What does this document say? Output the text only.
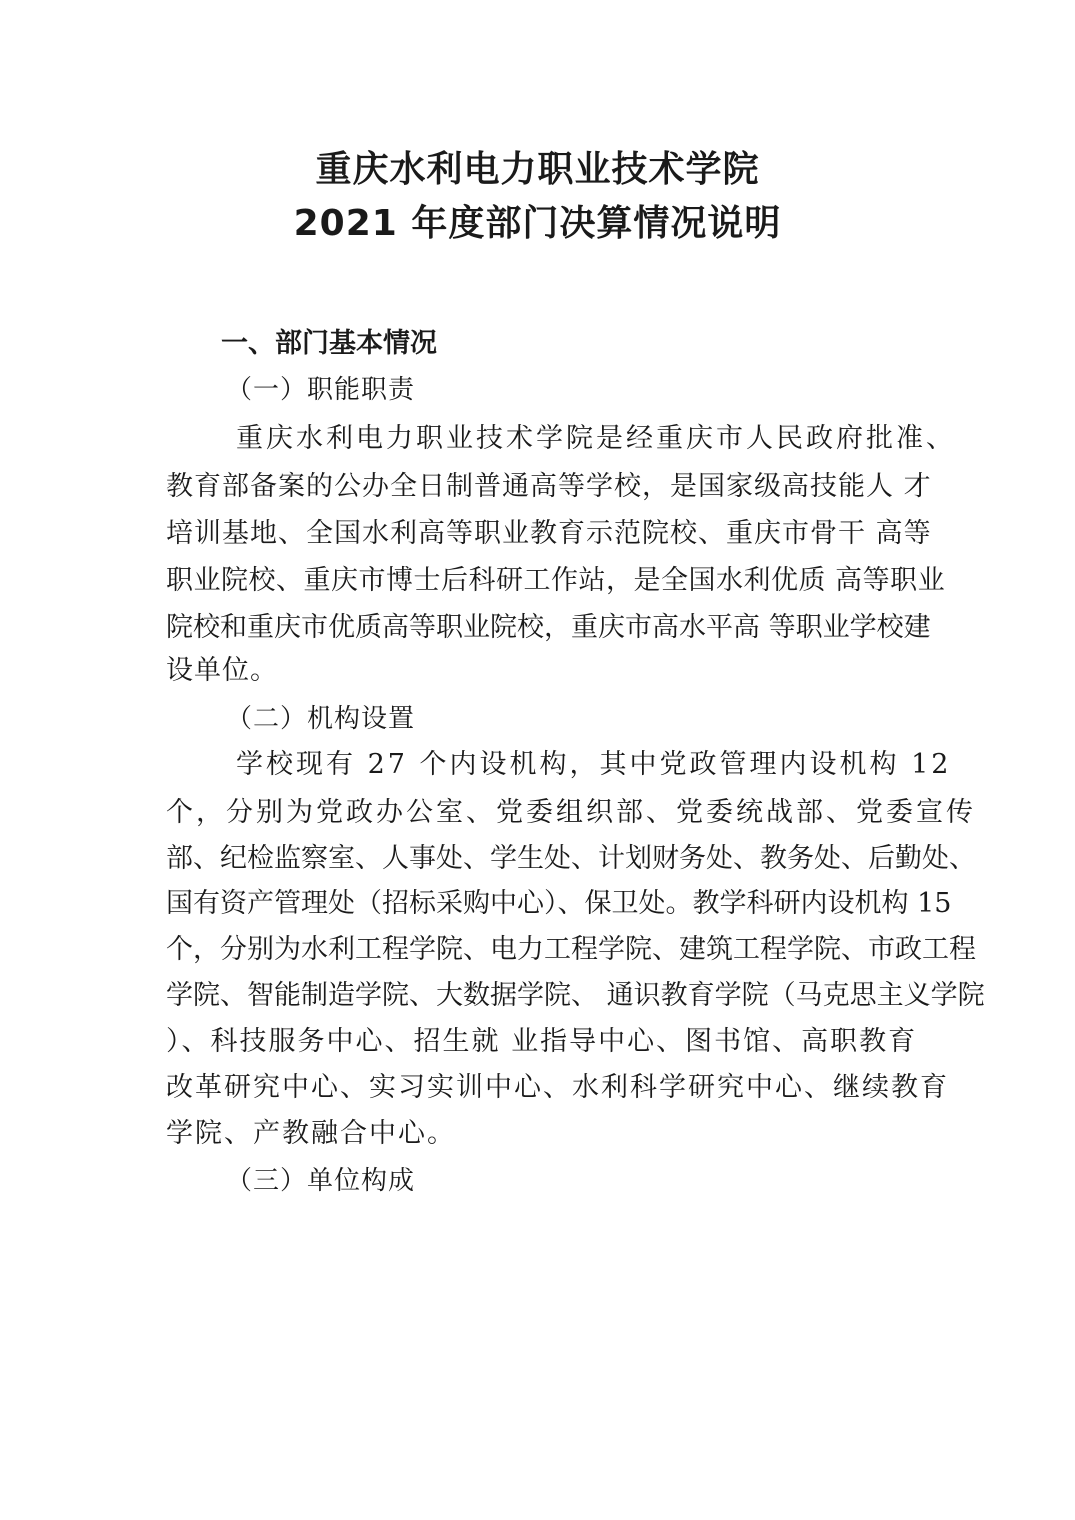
重庆水利电力职业技术学院
2021 年度部门决算情况说明
一、部门基本情况
（一）职能职责
重庆水利电力职业技术学院是经重庆市人民政府批准、
教育部备案的公办全日制普通高等学校，是国家级高技能人 才
培训基地、全国水利高等职业教育示范院校、重庆市骨干 高等
职业院校、重庆市博士后科研工作站，是全国水利优质 高等职业
院校和重庆市优质高等职业院校，重庆市高水平高 等职业学校建
设单位。
（二）机构设置
学校现有 27 个内设机构，其中党政管理内设机构 12
个，分别为党政办公室、党委组织部、党委统战部、党委宣传
部、纪检监察室、人事处、学生处、计划财务处、教务处、后勤处、
国有资产管理处（招标采购中心）、保卫处。教学科研内设机构 15
个，分别为水利工程学院、电力工程学院、建筑工程学院、市政工程
学院、智能制造学院、大数据学院、 通识教育学院（马克思主义学院
）、科技服务中心、招生就 业指导中心、图书馆、高职教育
改革研究中心、实习实训中心、水利科学研究中心、继续教育
学院、产教融合中心。
（三）单位构成
